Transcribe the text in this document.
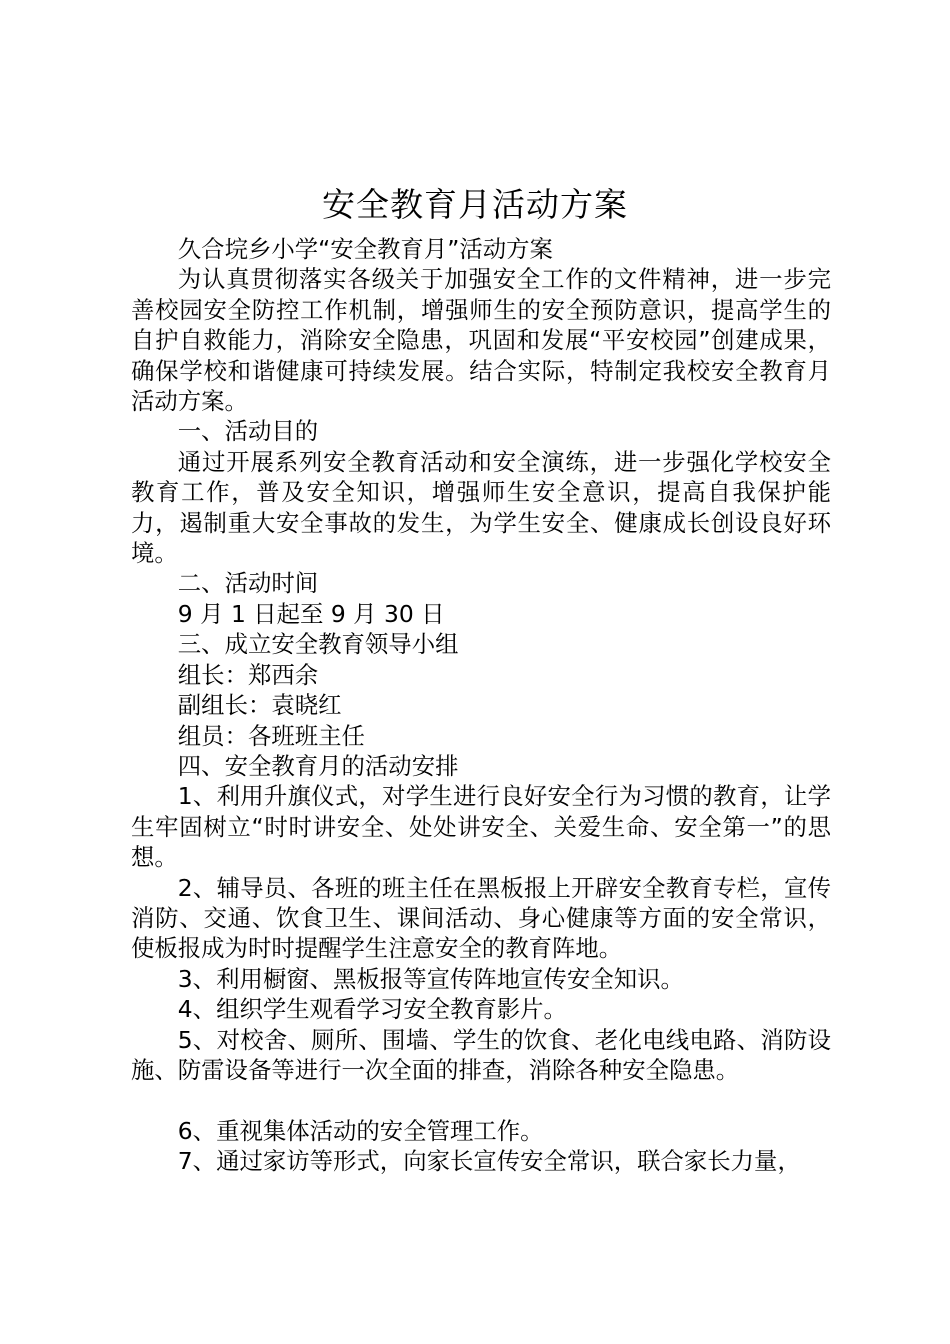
安全教育月活动方案

久合垸乡小学“安全教育月”活动方案

为认真贯彻落实各级关于加强安全工作的文件精神，进一步完善校园安全防控工作机制，增强师生的安全预防意识，提高学生的自护自救能力，消除安全隐患，巩固和发展“平安校园”创建成果，确保学校和谐健康可持续发展。结合实际，特制定我校安全教育月活动方案。

一、活动目的

通过开展系列安全教育活动和安全演练，进一步强化学校安全教育工作，普及安全知识，增强师生安全意识，提高自我保护能力，遏制重大安全事故的发生，为学生安全、健康成长创设良好环境。

二、活动时间

9 月 1 日起至 9 月 30 日

三、成立安全教育领导小组

组长：郑西余

副组长：袁晓红

组员：各班班主任

四、安全教育月的活动安排

1、利用升旗仪式，对学生进行良好安全行为习惯的教育，让学生牢固树立“时时讲安全、处处讲安全、关爱生命、安全第一”的思想。

2、辅导员、各班的班主任在黑板报上开辟安全教育专栏，宣传消防、交通、饮食卫生、课间活动、身心健康等方面的安全常识，使板报成为时时提醒学生注意安全的教育阵地。

3、利用橱窗、黑板报等宣传阵地宣传安全知识。

4、组织学生观看学习安全教育影片。

5、对校舍、厕所、围墙、学生的饮食、老化电线电路、消防设施、防雷设备等进行一次全面的排查，消除各种安全隐患。

6、重视集体活动的安全管理工作。

7、通过家访等形式，向家长宣传安全常识，联合家长力量，
